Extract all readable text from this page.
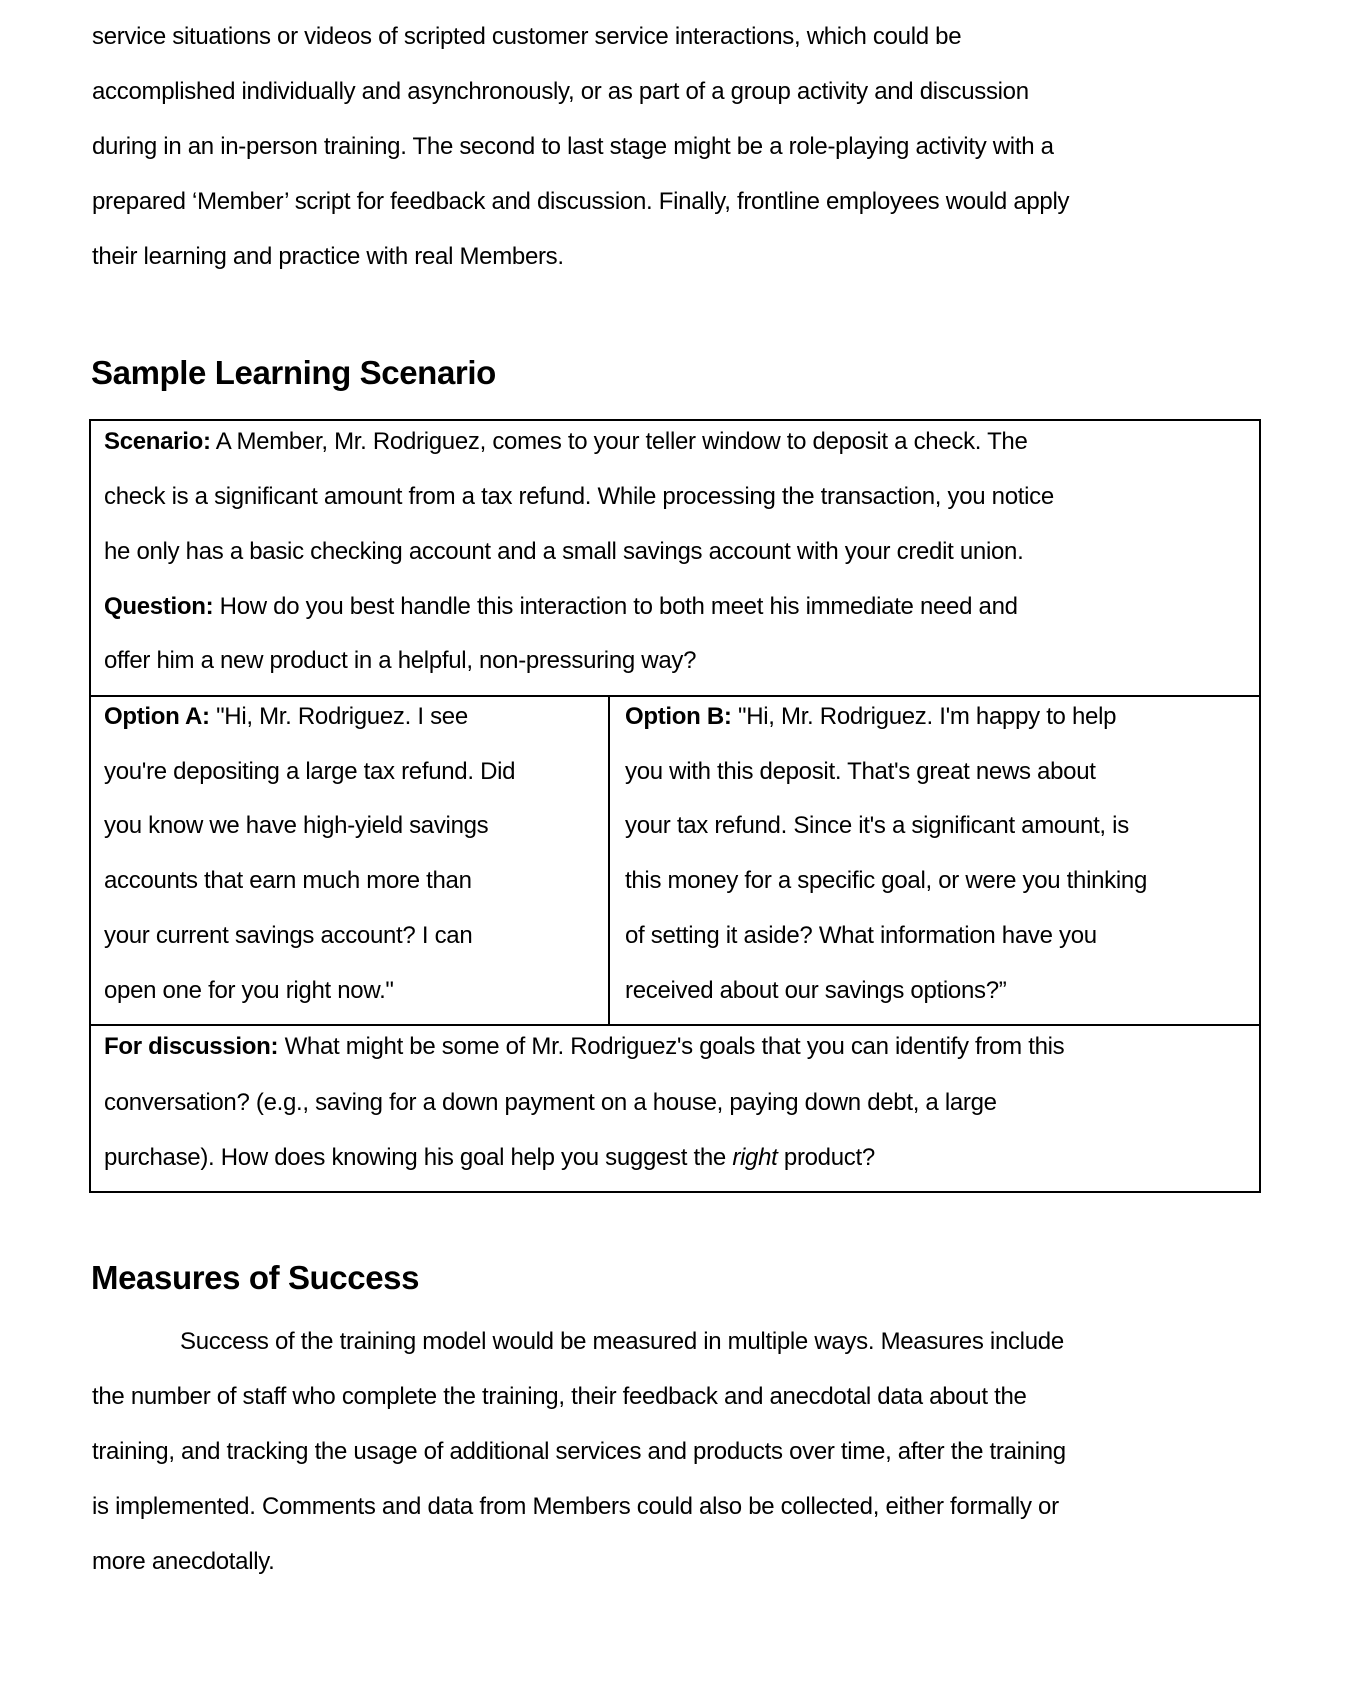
service situations or videos of scripted customer service interactions, which could be
accomplished individually and asynchronously, or as part of a group activity and discussion
during in an in-person training. The second to last stage might be a role-playing activity with a
prepared ‘Member’ script for feedback and discussion. Finally, frontline employees would apply
their learning and practice with real Members.
Sample Learning Scenario
Scenario: A Member, Mr. Rodriguez, comes to your teller window to deposit a check. The
check is a significant amount from a tax refund. While processing the transaction, you notice
he only has a basic checking account and a small savings account with your credit union.
Question: How do you best handle this interaction to both meet his immediate need and
offer him a new product in a helpful, non-pressuring way?
Option A: "Hi, Mr. Rodriguez. I see
you're depositing a large tax refund. Did
you know we have high-yield savings
accounts that earn much more than
your current savings account? I can
open one for you right now."
Option B: "Hi, Mr. Rodriguez. I'm happy to help
you with this deposit. That's great news about
your tax refund. Since it's a significant amount, is
this money for a specific goal, or were you thinking
of setting it aside? What information have you
received about our savings options?”
For discussion: What might be some of Mr. Rodriguez's goals that you can identify from this
conversation? (e.g., saving for a down payment on a house, paying down debt, a large
purchase). How does knowing his goal help you suggest the right product?
Measures of Success
Success of the training model would be measured in multiple ways. Measures include
the number of staff who complete the training, their feedback and anecdotal data about the
training, and tracking the usage of additional services and products over time, after the training
is implemented. Comments and data from Members could also be collected, either formally or
more anecdotally.
